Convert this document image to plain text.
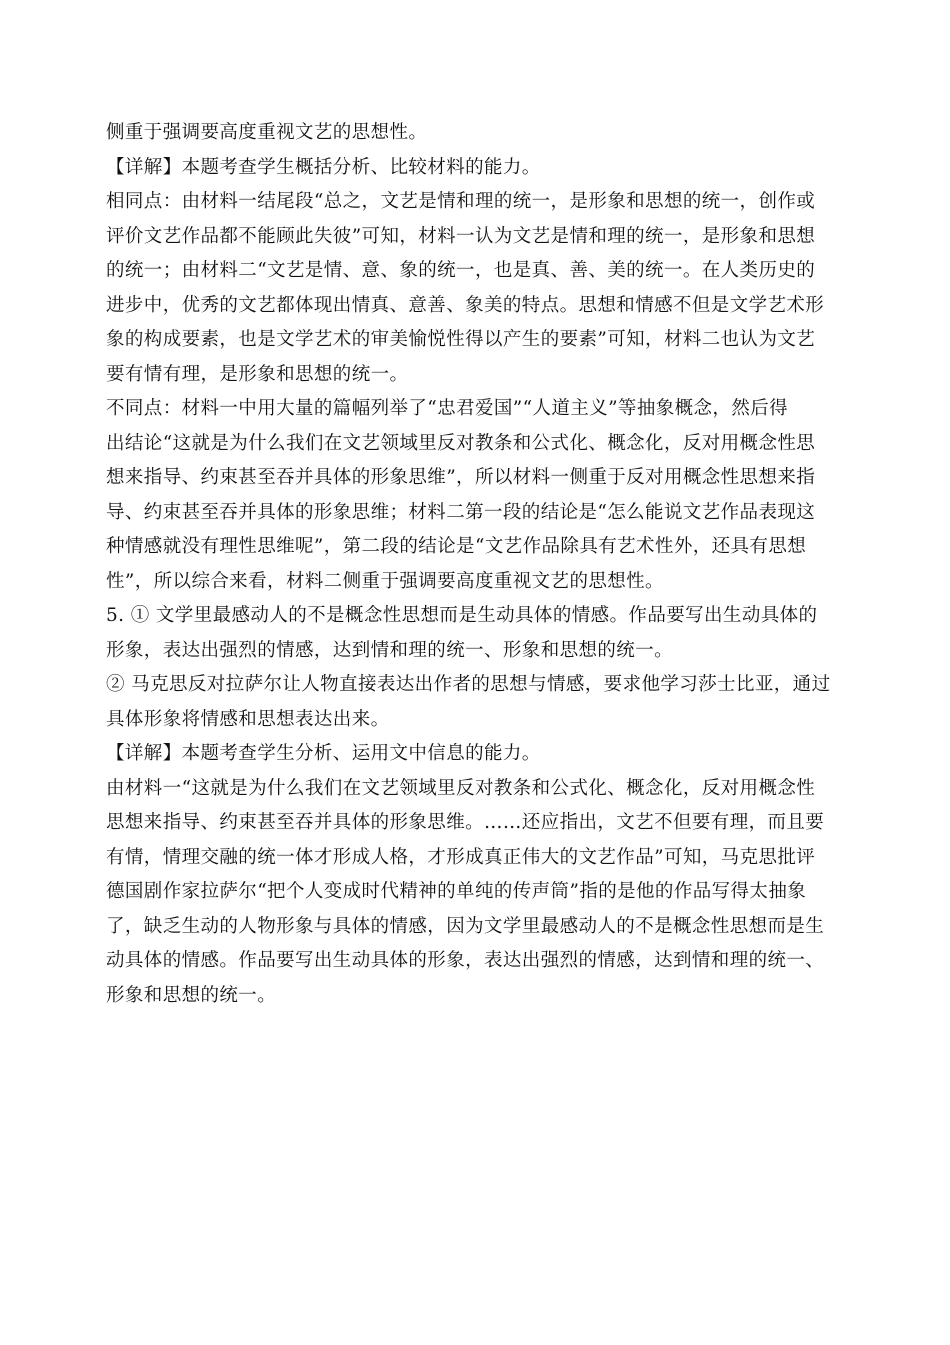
侧重于强调要高度重视文艺的思想性。
【详解】本题考查学生概括分析、比较材料的能力。
相同点：由材料一结尾段“总之，文艺是情和理的统一，是形象和思想的统一，创作或
评价文艺作品都不能顾此失彼”可知，材料一认为文艺是情和理的统一，是形象和思想
的统一；由材料二“文艺是情、意、象的统一，也是真、善、美的统一。在人类历史的
进步中，优秀的文艺都体现出情真、意善、象美的特点。思想和情感不但是文学艺术形
象的构成要素，也是文学艺术的审美愉悦性得以产生的要素”可知，材料二也认为文艺
要有情有理，是形象和思想的统一。
不同点：材料一中用大量的篇幅列举了“忠君爱国”“人道主义”等抽象概念，然后得
出结论“这就是为什么我们在文艺领域里反对教条和公式化、概念化，反对用概念性思
想来指导、约束甚至吞并具体的形象思维”，所以材料一侧重于反对用概念性思想来指
导、约束甚至吞并具体的形象思维；材料二第一段的结论是“怎么能说文艺作品表现这
种情感就没有理性思维呢”，第二段的结论是“文艺作品除具有艺术性外，还具有思想
性”，所以综合来看，材料二侧重于强调要高度重视文艺的思想性。
5. ① 文学里最感动人的不是概念性思想而是生动具体的情感。作品要写出生动具体的
形象，表达出强烈的情感，达到情和理的统一、形象和思想的统一。
② 马克思反对拉萨尔让人物直接表达出作者的思想与情感，要求他学习莎士比亚，通过
具体形象将情感和思想表达出来。
【详解】本题考查学生分析、运用文中信息的能力。
由材料一“这就是为什么我们在文艺领域里反对教条和公式化、概念化，反对用概念性
思想来指导、约束甚至吞并具体的形象思维。……还应指出，文艺不但要有理，而且要
有情，情理交融的统一体才形成人格，才形成真正伟大的文艺作品”可知，马克思批评
德国剧作家拉萨尔“把个人变成时代精神的单纯的传声筒”指的是他的作品写得太抽象
了，缺乏生动的人物形象与具体的情感，因为文学里最感动人的不是概念性思想而是生
动具体的情感。作品要写出生动具体的形象，表达出强烈的情感，达到情和理的统一、
形象和思想的统一。
